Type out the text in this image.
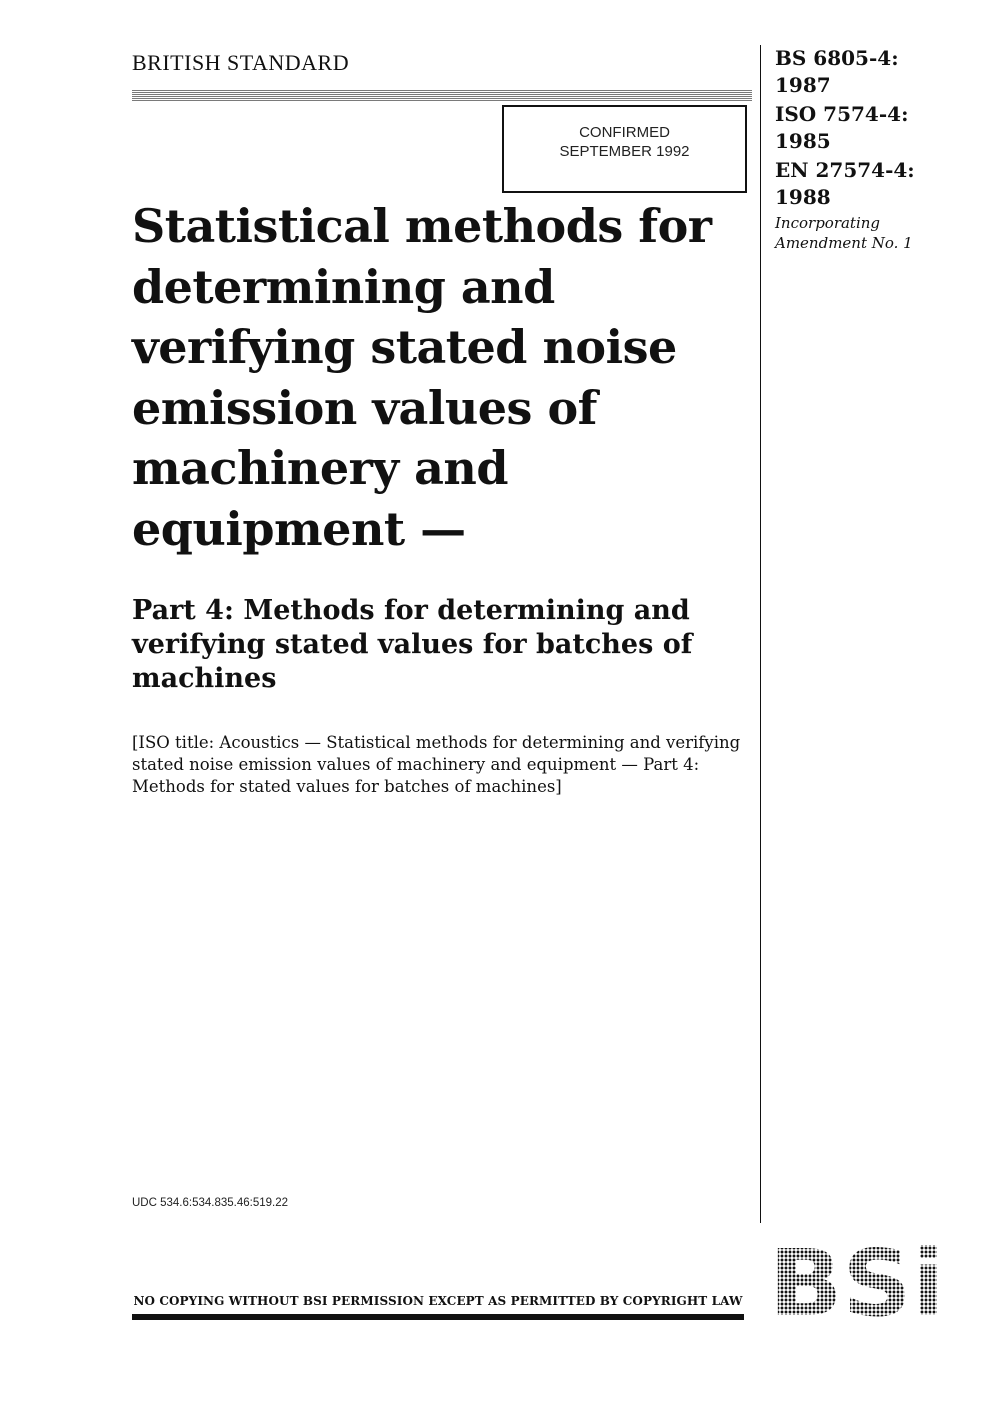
BRITISH STANDARD
CONFIRMED
SEPTEMBER 1992
Statistical methods for determining and verifying stated noise emission values of machinery and equipment —
Part 4: Methods for determining and verifying stated values for batches of machines

[ISO title: Acoustics — Statistical methods for determining and verifying stated noise emission values of machinery and equipment — Part 4: Methods for stated values for batches of machines]

UDC 534.6:534.835.46:519.22
BS 6805-4:
1987
ISO 7574-4:
1985
EN 27574-4:
1988
Incorporating
Amendment No. 1
BSi
NO COPYING WITHOUT BSI PERMISSION EXCEPT AS PERMITTED BY COPYRIGHT LAW
